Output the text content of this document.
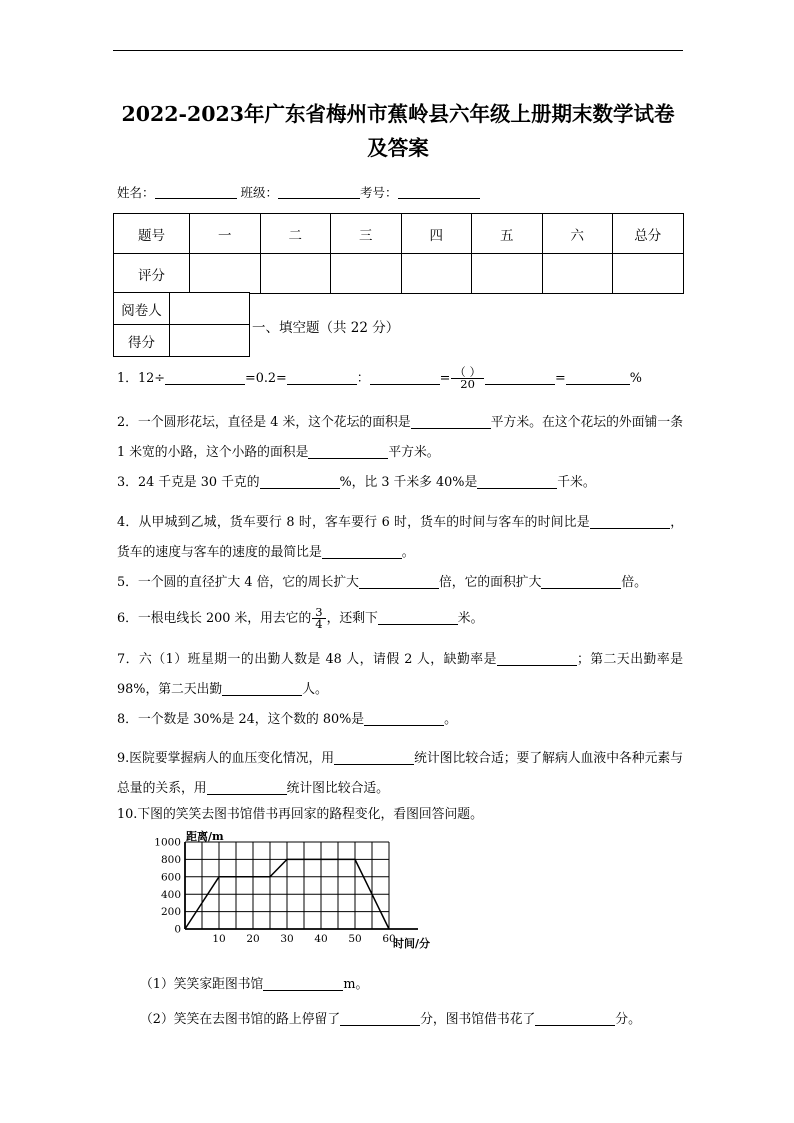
2022-2023年广东省梅州市蕉岭县六年级上册期末数学试卷
及答案
姓名：	班级：	考号：
题号	一	二	三	四	五	六	总分
评分							
阅卷人	
得分	
一、填空题（共 22 分）
1．12÷	=0.2=	：	= $\frac{( )}{20}$	=	%
2．一个圆形花坛，直径是 4 米，这个花坛的面积是	平方米。在这个花坛的外面铺一条 1 米宽的小路，这个小路的面积是	平方米。
3．24 千克是 30 千克的	%，比 3 千米多 40%是	千米。
4．从甲城到乙城，货车要行 8 时，客车要行 6 时，货车的时间与客车的时间比是	，货车的速度与客车的速度的最简比是	。
5．一个圆的直径扩大 4 倍，它的周长扩大	倍，它的面积扩大	倍。
6．一根电线长 200 米，用去它的 $\frac{3}{4}$ ，还剩下	米。
7．六（1）班星期一的出勤人数是 48 人，请假 2 人，缺勤率是	；第二天出勤率是 98%，第二天出勤	人。
8．一个数是 30%是 24，这个数的 80%是	。
9.医院要掌握病人的血压变化情况，用	统计图比较合适；要了解病人血液中各种元素与总量的关系，用	统计图比较合适。
10.下图的笑笑去图书馆借书再回家的路程变化，看图回答问题。
0
200
400
600
800
1000
10 20 30 40 50 60
距离/m
时间/分
（1）笑笑家距图书馆	m。
（2）笑笑在去图书馆的路上停留了	分，图书馆借书花了	分。
